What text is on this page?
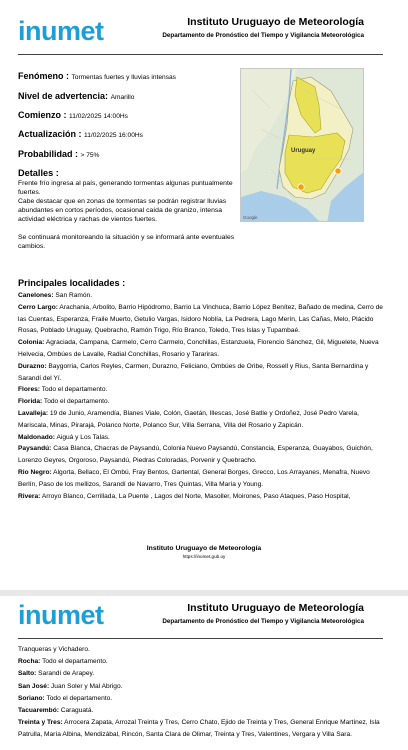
inumet	Instituto Uruguayo de Meteorología
Departamento de Pronóstico del Tiempo y Vigilancia Meteorológica
Fenómeno : Tormentas fuertes y lluvias intensas
Nivel de advertencia: Amarillo
Comienzo : 11/02/2025 14:00Hs
Actualización : 11/02/2025 16:00Hs
Probabilidad : > 75%
Uruguay
Google
Detalles :
Frente frío ingresa al país, generando tormentas algunas puntualmente
fuertes.
Cabe destacar que en zonas de tormentas se podrán registrar lluvias
abundantes en cortos períodos, ocasional caída de granizo, intensa
actividad eléctrica y rachas de vientos fuertes.
Se continuará monitoreando la situación y se informará ante eventuales
cambios.
Principales localidades :
Canelones: San Ramón.
Cerro Largo: Arachania, Arbolito, Barrio Hipódromo, Barrio La Vinchuca, Barrio López Benítez, Bañado de medina, Cerro de las Cuentas, Esperanza, Fraile Muerto, Getulio Vargas, Isidoro Noblía, La Pedrera, Lago Merín, Las Cañas, Melo, Plácido Rosas, Poblado Uruguay, Quebracho, Ramón Trigo, Río Branco, Toledo, Tres Islas y Tupambaé.
Colonia: Agraciada, Campana, Carmelo, Cerro Carmelo, Conchillas, Estanzuela, Florencio Sánchez, Gil, Miguelete, Nueva Helvecia, Ombúes de Lavalle, Radial Conchillas, Rosario y Tarariras.
Durazno: Baygorria, Carlos Reyles, Carmen, Durazno, Feliciano, Ombúes de Oribe, Rossell y Rius, Santa Bernardina y Sarandí del Yí.
Flores: Todo el departamento.
Florida: Todo el departamento.
Lavalleja: 19 de Junio, Aramendía, Blanes Viale, Colón, Gaetán, Illescas, José Batlle y Ordoñez, José Pedro Varela, Mariscala, Minas, Pirarajá, Polanco Norte, Polanco Sur, Villa Serrana, Villa del Rosario y Zapicán.
Maldonado: Aiguá y Los Talas.
Paysandú: Casa Blanca, Chacras de Paysandú, Colonia Nuevo Paysandú, Constancia, Esperanza, Guayabos, Guichón, Lorenzo Geyres, Orgoroso, Paysandú, Piedras Coloradas, Porvenir y Quebracho.
Rio Negro: Algorta, Bellaco, El Ombú, Fray Bentos, Gartental, General Borges, Grecco, Los Arrayanes, Menafra, Nuevo Berlín, Paso de los mellizos, Sarandí de Navarro, Tres Quintas, Villa María y Young.
Rivera: Arroyo Blanco, Cerrillada, La Puente , Lagos del Norte, Masoller, Moirones, Paso Ataques, Paso Hospital,
Instituto Uruguayo de Meteorología
https://inumet.gub.uy
inumet	Instituto Uruguayo de Meteorología
Departamento de Pronóstico del Tiempo y Vigilancia Meteorológica
Tranqueras y Vichadero.
Rocha: Todo el departamento.
Salto: Sarandí de Arapey.
San José: Juan Soler y Mal Abrigo.
Soriano: Todo el departamento.
Tacuarembó: Caraguatá.
Treinta y Tres: Arrocera Zapata, Arrozal Treinta y Tres, Cerro Chato, Ejido de Treinta y Tres, General Enrique Martínez, Isla Patrulla, María Albina, Mendizábal, Rincón, Santa Clara de Olimar, Treinta y Tres, Valentines, Vergara y Villa Sara.
